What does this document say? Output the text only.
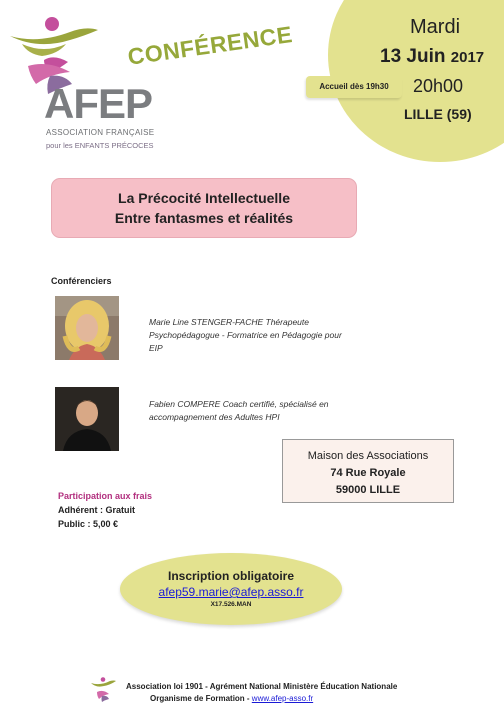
AFEP
ASSOCIATION FRANÇAISE
pour les ENFANTS PRÉCOCES
CONFÉRENCE	Mardi
13 Juin 2017
Accueil dès 19h30	20h00
LILLE (59)
La Précocité Intellectuelle
Entre fantasmes et réalités
Conférenciers
Marie Line STENGER-FACHE Thérapeute
Psychopédagogue - Formatrice en Pédagogie pour EIP
Fabien COMPERE Coach certifié, spécialisé en
accompagnement des Adultes HPI
Maison des Associations
74 Rue Royale
59000 LILLE
Participation aux frais
Adhérent : Gratuit
Public : 5,00 €
Inscription obligatoire
afep59.marie@afep.asso.fr
X17.526.MAN
Association loi 1901 - Agrément National Ministère Éducation Nationale
Organisme de Formation - www.afep-asso.fr
